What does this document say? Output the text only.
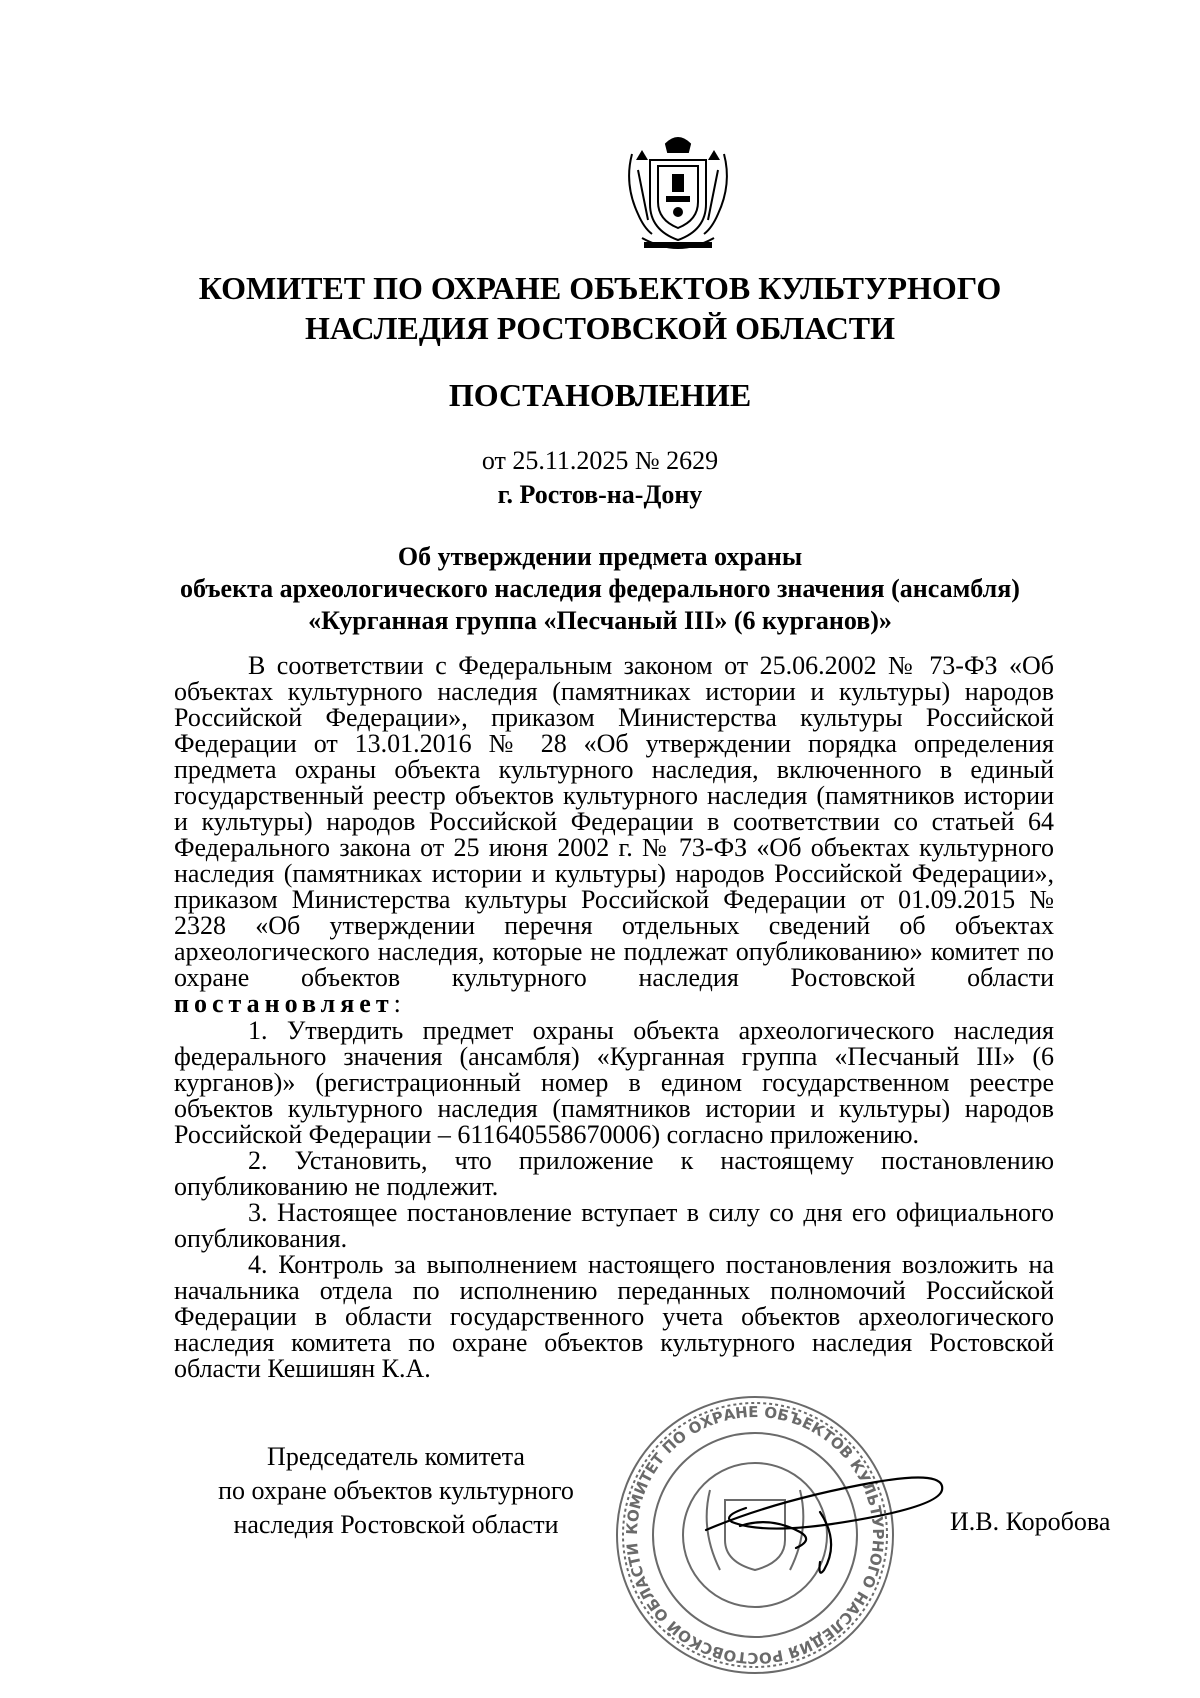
КОМИТЕТ ПО ОХРАНЕ ОБЪЕКТОВ КУЛЬТУРНОГО
НАСЛЕДИЯ РОСТОВСКОЙ ОБЛАСТИ
ПОСТАНОВЛЕНИЕ
от 25.11.2025 № 2629
г. Ростов-на-Дону
Об утверждении предмета охраны
объекта археологического наследия федерального значения (ансамбля)
«Курганная группа «Песчаный III» (6 курганов)»

В соответствии с Федеральным законом от 25.06.2002 № 73-ФЗ «Об объектах культурного наследия (памятниках истории и культуры) народов Российской Федерации», приказом Министерства культуры Российской Федерации от 13.01.2016 № 28 «Об утверждении порядка определения предмета охраны объекта культурного наследия, включенного в единый государственный реестр объектов культурного наследия (памятников истории и культуры) народов Российской Федерации в соответствии со статьей 64 Федерального закона от 25 июня 2002 г. № 73-ФЗ «Об объектах культурного наследия (памятниках истории и культуры) народов Российской Федерации», приказом Министерства культуры Российской Федерации от 01.09.2015 № 2328 «Об утверждении перечня отдельных сведений об объектах археологического наследия, которые не подлежат опубликованию» комитет по охране объектов культурного наследия Ростовской области постановляет:

1. Утвердить предмет охраны объекта археологического наследия федерального значения (ансамбля) «Курганная группа «Песчаный III» (6 курганов)» (регистрационный номер в едином государственном реестре объектов культурного наследия (памятников истории и культуры) народов Российской Федерации – 611640558670006) согласно приложению.

2. Установить, что приложение к настоящему постановлению опубликованию не подлежит.

3. Настоящее постановление вступает в силу со дня его официального опубликования.

4. Контроль за выполнением настоящего постановления возложить на начальника отдела по исполнению переданных полномочий Российской Федерации в области государственного учета объектов археологического наследия комитета по охране объектов культурного наследия Ростовской области Кешишян К.А.

Председатель комитета
по охране объектов культурного
наследия Ростовской области	КОМИТЕТ ПО ОХРАНЕ ОБЪЕКТОВ КУЛЬТУРНОГО НАСЛЕДИЯ РОСТОВСКОЙ ОБЛАСТИ
И.В. Коробова
